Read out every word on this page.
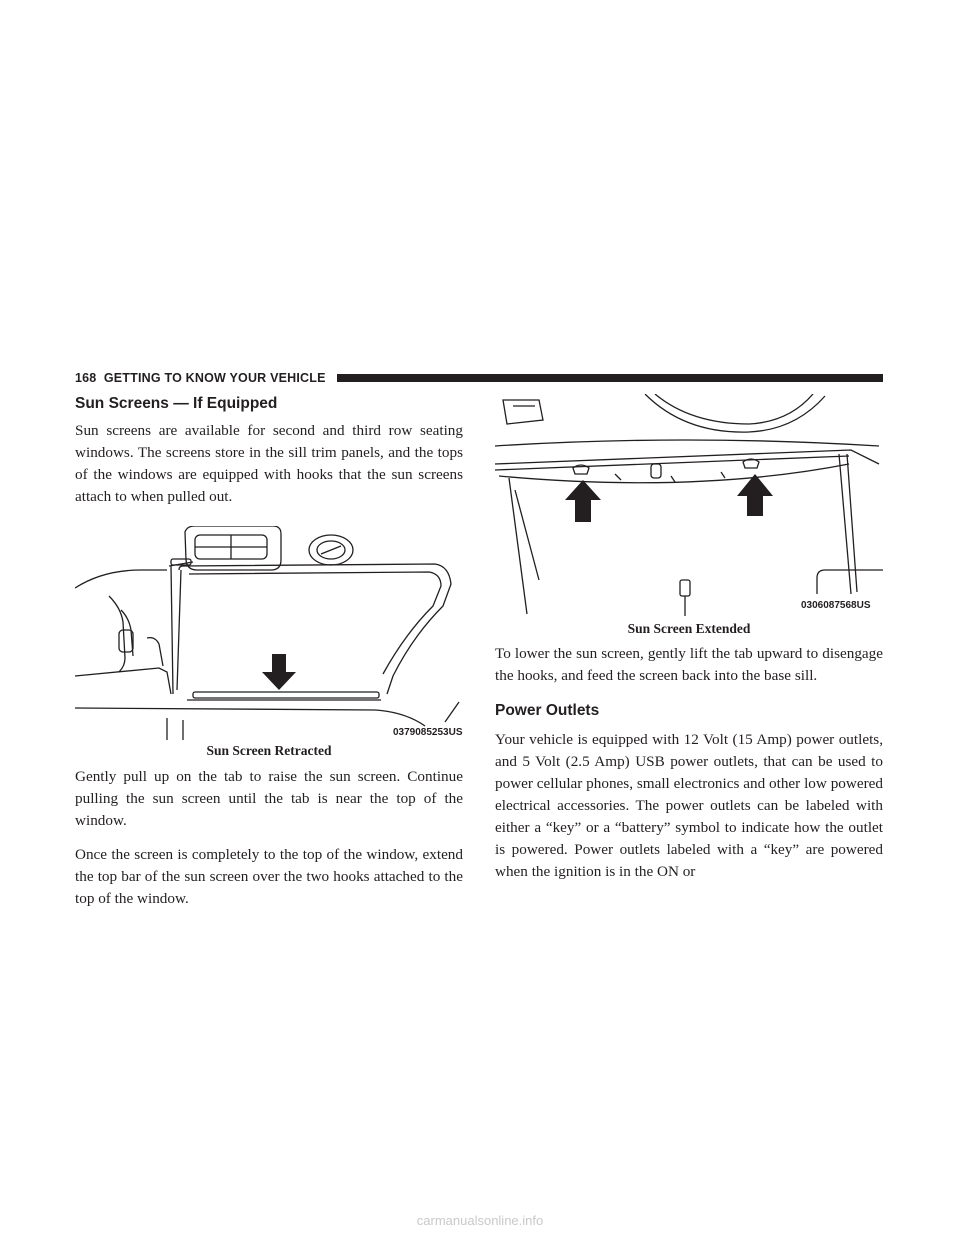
168 GETTING TO KNOW YOUR VEHICLE
Sun Screens — If Equipped

Sun screens are available for second and third row seating windows. The screens store in the sill trim panels, and the tops of the windows are equipped with hooks that the sun screens attach to when pulled out.

0379085253US
Sun Screen Retracted

Gently pull up on the tab to raise the sun screen. Continue pulling the sun screen until the tab is near the top of the window.

Once the screen is completely to the top of the window, extend the top bar of the sun screen over the two hooks attached to the top of the window.

0306087568US
Sun Screen Extended

To lower the sun screen, gently lift the tab upward to disengage the hooks, and feed the screen back into the base sill.

Power Outlets

Your vehicle is equipped with 12 Volt (15 Amp) power outlets, and 5 Volt (2.5 Amp) USB power outlets, that can be used to power cellular phones, small electronics and other low powered electrical accessories. The power outlets can be labeled with either a “key” or a “battery” symbol to indicate how the outlet is powered. Power outlets labeled with a “key” are powered when the ignition is in the ON or

carmanualsonline.info
